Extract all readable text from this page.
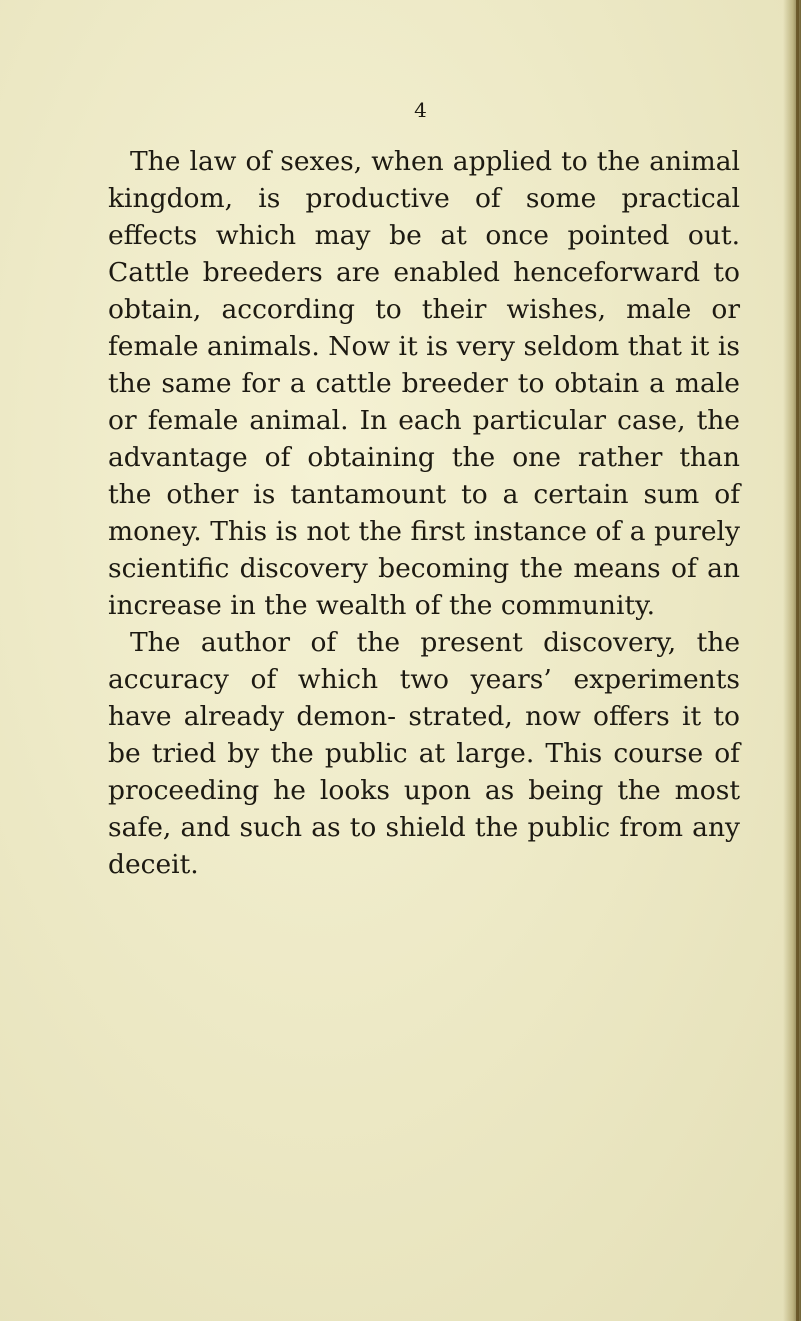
4

The law of sexes, when applied to the animal kingdom, is productive of some practical effects which may be at once pointed out. Cattle breeders are enabled henceforward to obtain, according to their wishes, male or female animals. Now it is very seldom that it is the same for a cattle breeder to obtain a male or female animal. In each particular case, the advantage of obtaining the one rather than the other is tantamount to a certain sum of money. This is not the first instance of a purely scientific discovery becoming the means of an increase in the wealth of the community.

The author of the present discovery, the accuracy of which two years’ experiments have already demon- strated, now offers it to be tried by the public at large. This course of proceeding he looks upon as being the most safe, and such as to shield the public from any deceit.
